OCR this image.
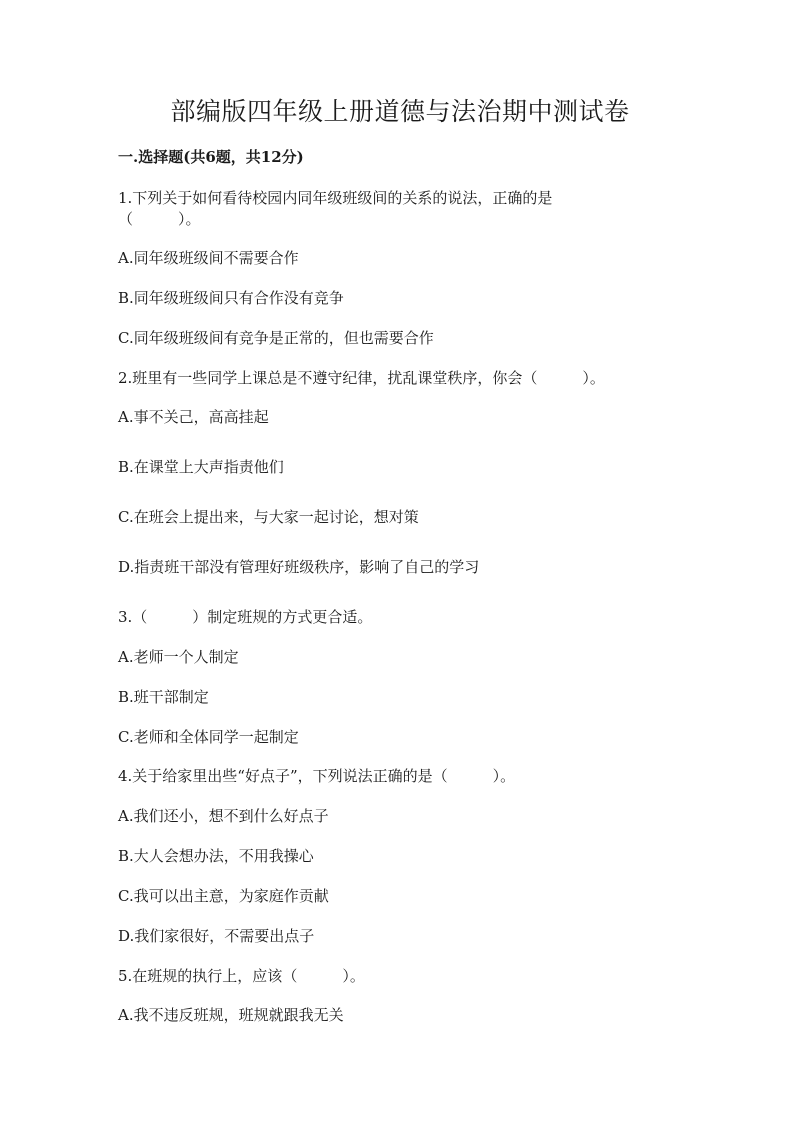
部编版四年级上册道德与法治期中测试卷
一.选择题(共6题，共12分)
1.下列关于如何看待校园内同年级班级间的关系的说法，正确的是
（　　　）。
A.同年级班级间不需要合作
B.同年级班级间只有合作没有竞争
C.同年级班级间有竞争是正常的，但也需要合作
2.班里有一些同学上课总是不遵守纪律，扰乱课堂秩序，你会（　　　）。
A.事不关己，高高挂起
B.在课堂上大声指责他们
C.在班会上提出来，与大家一起讨论，想对策
D.指责班干部没有管理好班级秩序，影响了自己的学习
3.（　　　）制定班规的方式更合适。
A.老师一个人制定
B.班干部制定
C.老师和全体同学一起制定
4.关于给家里出些“好点子”，下列说法正确的是（　　　）。
A.我们还小，想不到什么好点子
B.大人会想办法，不用我操心
C.我可以出主意，为家庭作贡献
D.我们家很好，不需要出点子
5.在班规的执行上，应该（　　　）。
A.我不违反班规，班规就跟我无关
